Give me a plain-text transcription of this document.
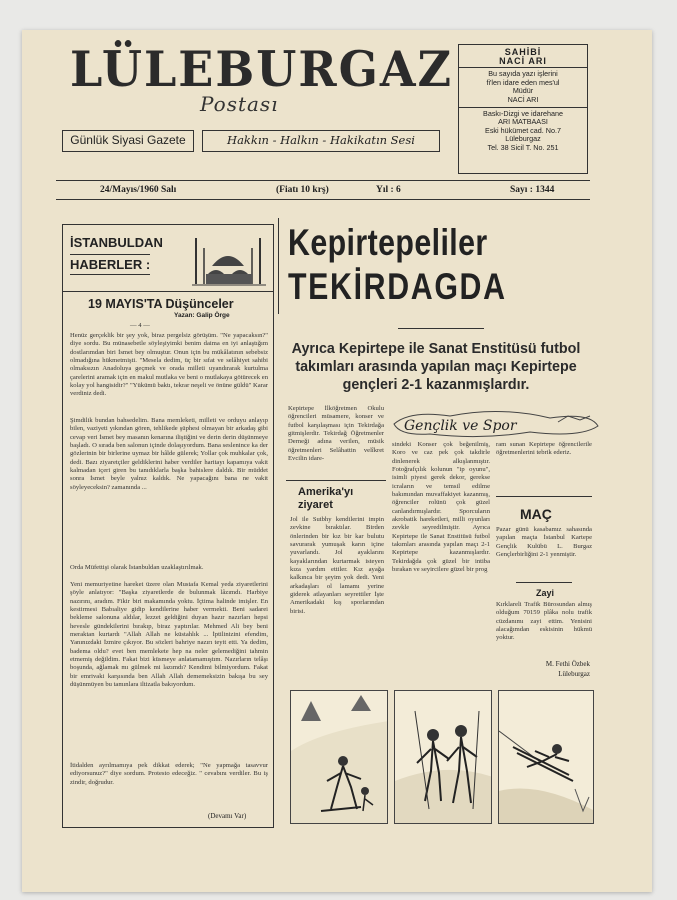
LÜLEBURGAZ
Postası
Günlük Siyasi Gazete	Hakkın - Halkın - Hakikatın Sesi
SAHİBİ
NACİ ARI
Bu sayıda yazı işlerini
fi'len idare eden mes'ul
Müdür
NACİ ARI
Baskı-Dizgi ve idarehane
ARI MATBAASI
Eski hükümet cad. No.7
Lüleburgaz
Tel. 38 Sicil T. No. 251
24/Mayıs/1960 Salı	(Fiatı 10 krş)	Yıl : 6	Sayı : 1344
İSTANBULDAN
HABERLER :
19 MAYIS'TA Düşünceler
Yazan: Galip Örge
— 4 —
Henüz gerçeklik bir şey yok, biraz pergelsiz görüşüm. "Ne yapacaksın?" diye sordu. Bu münasebetle söyleşiyimki benim daima en iyi anlaştığım dostlarımdan biri İsmet bey olmuştur. Onun için bu mükâlatının sebebsiz olmadığına hükmetmişti. "Mesela dedim, üç bir sıfat ve selâhiyet sahibi olmaksızın Anadoluya geçmek ve orada milleti uyandırarak kurtulma çarelerini aramak için en makul mutlaka ve beni o mutlakaya götürecek en kolay yol hangisidir?" "Yükümü baktı, tekrar neşeli ve önüne güldü" Karar verdiniz dedi.
Şimdilik bundan bahsedelim. Bana memleketi, milleti ve orduyu anlayıp bilen, vaziyeti yıkından gören, tehlikede şüphesi olmayan bir arkadaş gibi cevap veri İsmet bey masanın kenarına iliştiğini ve derin derin düşünmeye başladı. O sırada ben salonun içinde dolaşıyordum. Bana seslenince ka der gözlerinin bir birlerine uymaz bir hâlde gülerek; Yollar çok muhkalar çok, dedi. Bazı ziyaretçiler geldiklerini haber verdiler haritayı kapamıya vakit kalmadan içeri giren bu tanıdıklarla başka bahislere daldık. Bir müddet sonra İsmet beyle yalnız kaldık. Ne yapacağını bana ne vakit söyleyeceksin? zamanında ...
Orda Müfettişi olarak İstanbuldan uzaklaştırılmak.
Yeni memuriyetine hareket üzere olan Mustafa Kemal yeda ziyaretlerini şöyle anlatıyor: "Başka ziyaretlerde de bulunmak lâzımdı. Harbiye nazırını, aradım. Fikir biri makamında yoktu. İçtima halinde imişler. En kestirmesi Babıaliye gidip kendilerine haber vermekti. Beni sadarei bekleme salonuna aldılar, lezzet geldiğini duyan hazır nazırları hepsi hevesle gündekilerini bırakıp, biraz yaptırılar. Mehmed Ali bey beni meraktan kurtardı "Allah Allah ne küstahlık ... İptilinizini efendim, Yanınızdaki İzmire çıkıyor. Bu sözleri bahriye nazırı teyit etti. Ya dedim, badema oldu? evet ben memlekete hep na neler gelemediğini tahmin etmemiş değildim. Fakat bizi küsmeye anlatamamıştım. Nazırların telâşı boşunda, ağlamak mı gülmek mi lazımdı? Kendimi bilmiyordum. Fakat bir emrivaki karşısında ben Allah Allah dememeksizin bakışa bu sey düşünmüyen bu tamınlara iltizatla bakıyordum.
İtidalden ayrılmamıya pek dikkat ederek; "Ne yapmağa tasavvur ediyorsunuz?" diye sordum. Protesto edeceğiz. " cevabını verdiler. Bu iş zindir, doğrudur.
(Devamı Var)
Kepirtepeliler
TEKİRDAGDA
Ayrıca Kepirtepe ile Sanat Enstitüsü futbol takımları arasında yapılan maçı Kepirtepe gençleri 2-1 kazanmışlardır.
Kepirtepe İlköğretmen Okulu öğrencileri müsamere, konser ve futbol karşılaşması için Tekirdağa gitmişlerdir. Tekirdağ Öğretmenler Derneği adına verilen, müsik öğretmenleri Selâhattin velîkret Evcilin idare-
Gençlik ve Spor
sindeki Konser çok beğenilmiş, Koro ve caz pek çok takdirle dinlenerek alkışlanmıştır. Fotoğrafçılık kolunun "ip oyunu", isimli piyesi gerek dekor, gerekse icraların ve temsil edilme bakımından muvaffakiyet kazanmış, öğrenciler rolünü çok güzel canlandırmışlardır. Sporcuların akrobatik hareketleri, milli oyunları zevkle seyredilmiştir. Ayrıca Kepirtepe ile Sanat Enstitüsü futbol takımları arasında yapılan maçı 2-1 Kepirtepe kazanmışlardır. Tekirdağda çok güzel bir intiba bırakan ve seyircilere güzel bir prog
ram sunan Kepirtepe öğrencilerile öğretmenlerini tebrik ederiz.
Amerika'yı
ziyaret
Jol ile Sutbhy kendilerini impin zevkine bıraktılar. Birden önlerinden bir kız bir kar bulutu savurarak yumuşak karın içine yuvarlandı. Jol ayaklarını kayaklarından kurtarmak isteyen kıza yardım ettiler. Kız ayağa kalkınca bir şeyim yok dedi. Yeni arkadaşları ol lamamı yerine giderek atlayanları seyrettiler İşte Amerikadaki kış sporlarından birisi.
MAÇ
Pazar günü kasabamız sahasında yapılan maçta İstanbul Kartepe Gençlik Kulübü L. Burgaz Gençlerbirliğini 2-1 yenmiştir.
Zayi
Kırklareli Trafik Bürosundan almış olduğum 70159 plâka nolu trafik cüzdanımı zayi ettim. Yenisini alacağımdan eskisinin hükmü yoktur.
M. Fethi Özbek
Lüleburgaz
